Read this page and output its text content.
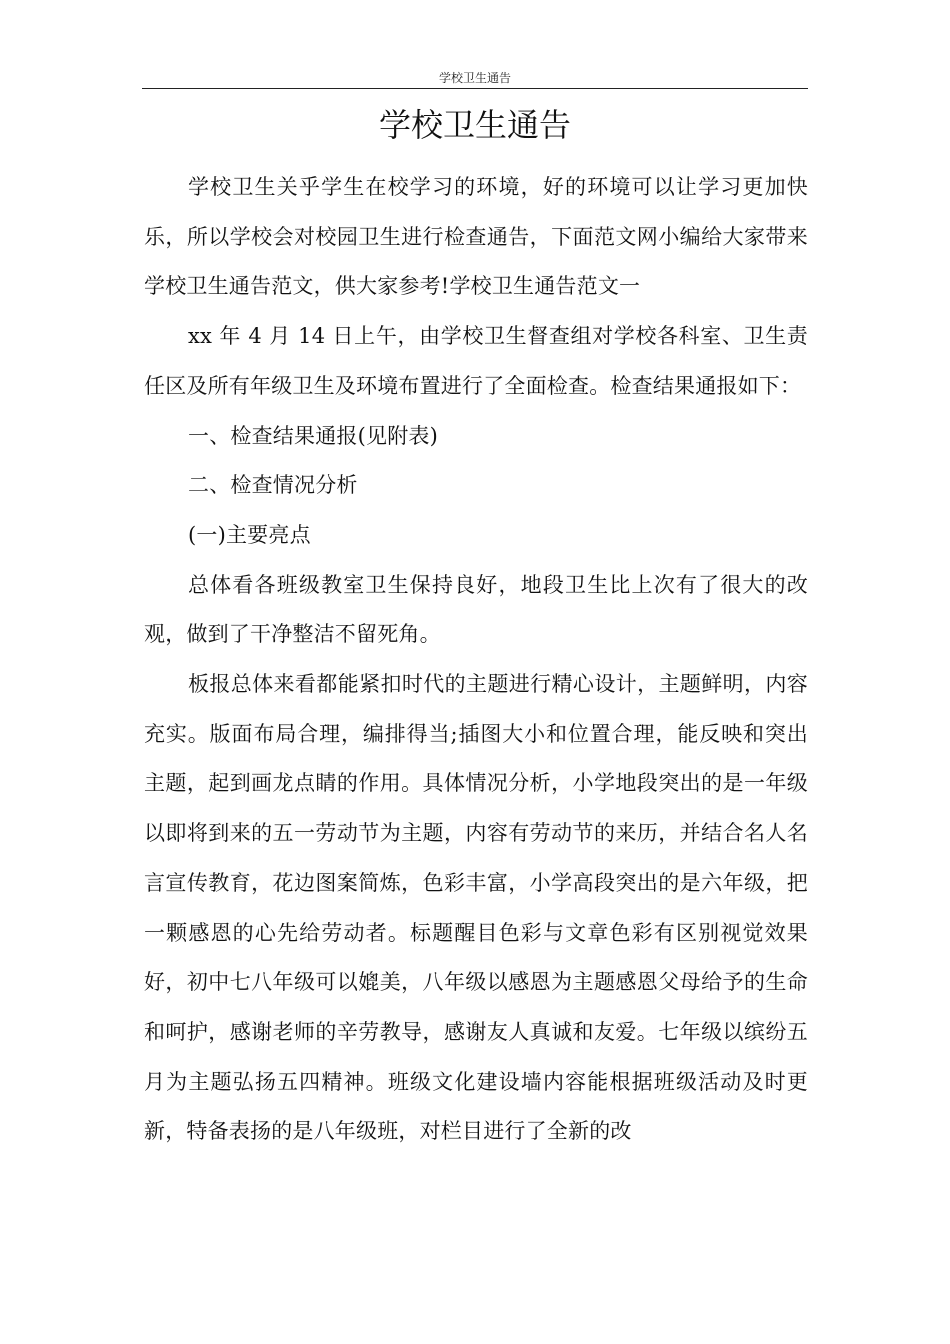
学校卫生通告
学校卫生通告

学校卫生关乎学生在校学习的环境，好的环境可以让学习更加快乐，所以学校会对校园卫生进行检查通告，下面范文网小编给大家带来学校卫生通告范文，供大家参考!学校卫生通告范文一

xx 年 4 月 14 日上午，由学校卫生督查组对学校各科室、卫生责任区及所有年级卫生及环境布置进行了全面检查。检查结果通报如下：

一、检查结果通报(见附表)

二、检查情况分析

(一)主要亮点

总体看各班级教室卫生保持良好，地段卫生比上次有了很大的改观，做到了干净整洁不留死角。

板报总体来看都能紧扣时代的主题进行精心设计，主题鲜明，内容充实。版面布局合理，编排得当;插图大小和位置合理，能反映和突出主题，起到画龙点睛的作用。具体情况分析，小学地段突出的是一年级以即将到来的五一劳动节为主题，内容有劳动节的来历，并结合名人名言宣传教育，花边图案简炼，色彩丰富，小学高段突出的是六年级，把一颗感恩的心先给劳动者。标题醒目色彩与文章色彩有区别视觉效果好，初中七八年级可以媲美，八年级以感恩为主题感恩父母给予的生命和呵护，感谢老师的辛劳教导，感谢友人真诚和友爱。七年级以缤纷五月为主题弘扬五四精神。班级文化建设墙内容能根据班级活动及时更新，特备表扬的是八年级班，对栏目进行了全新的改
